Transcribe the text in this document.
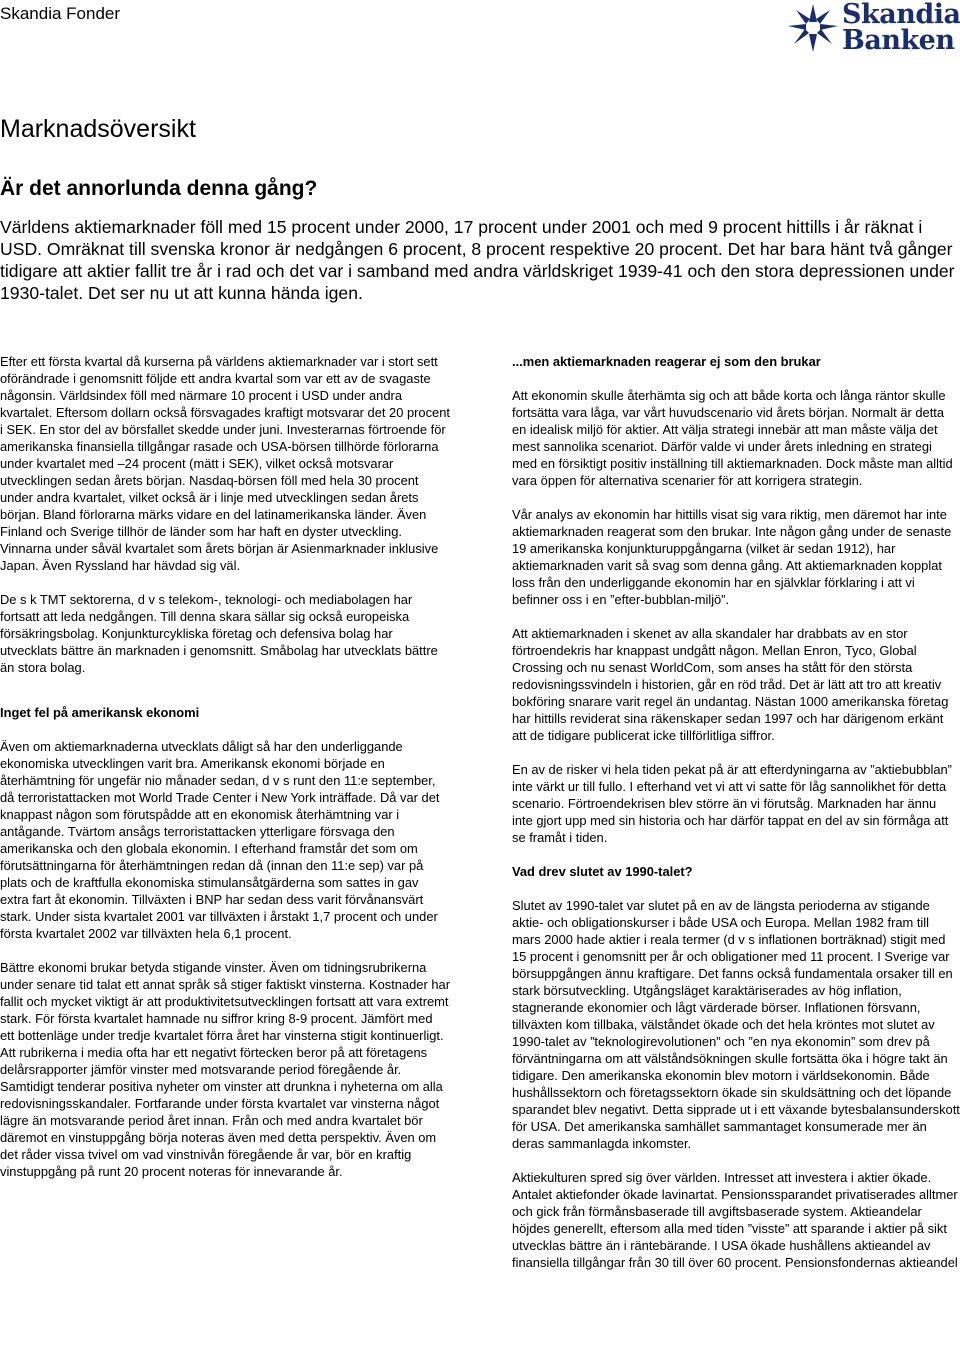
Skandia Fonder	Skandia
Banken
Marknadsöversikt
Är det annorlunda denna gång?
Världens aktiemarknader föll med 15 procent under 2000, 17 procent under 2001 och med 9 procent hittills i år räknat i USD. Omräknat till svenska kronor är nedgången 6 procent, 8 procent respektive 20 procent. Det har bara hänt två gånger tidigare att aktier fallit tre år i rad och det var i samband med andra världskriget 1939-41 och den stora depressionen under 1930-talet. Det ser nu ut att kunna hända igen.

Efter ett första kvartal då kurserna på världens aktiemarknader var i stort sett oförändrade i genomsnitt följde ett andra kvartal som var ett av de svagaste någonsin. Världsindex föll med närmare 10 procent i USD under andra kvartalet. Eftersom dollarn också försvagades kraftigt motsvarar det 20 procent i SEK. En stor del av börsfallet skedde under juni. Investerarnas förtroende för amerikanska finansiella tillgångar rasade och USA-börsen tillhörde förlorarna under kvartalet med –24 procent (mätt i SEK), vilket också motsvarar utvecklingen sedan årets början. Nasdaq-börsen föll med hela 30 procent under andra kvartalet, vilket också är i linje med utvecklingen sedan årets början. Bland förlorarna märks vidare en del latinamerikanska länder. Även Finland och Sverige tillhör de länder som har haft en dyster utveckling. Vinnarna under såväl kvartalet som årets början är Asienmarknader inklusive Japan. Även Ryssland har hävdad sig väl.

De s k TMT sektorerna, d v s telekom-, teknologi- och mediabolagen har fortsatt att leda nedgången. Till denna skara sällar sig också europeiska försäkringsbolag. Konjunkturcykliska företag och defensiva bolag har utvecklats bättre än marknaden i genomsnitt. Småbolag har utvecklats bättre än stora bolag.

Inget fel på amerikansk ekonomi

Även om aktiemarknaderna utvecklats dåligt så har den underliggande ekonomiska utvecklingen varit bra. Amerikansk ekonomi började en återhämtning för ungefär nio månader sedan, d v s runt den 11:e september, då terroristattacken mot World Trade Center i New York inträffade. Då var det knappast någon som förutspådde att en ekonomisk återhämtning var i antågande. Tvärtom ansågs terroristattacken ytterligare försvaga den amerikanska och den globala ekonomin. I efterhand framstår det som om förutsättningarna för återhämtningen redan då (innan den 11:e sep) var på plats och de kraftfulla ekonomiska stimulansåtgärderna som sattes in gav extra fart åt ekonomin. Tillväxten i BNP har sedan dess varit förvånansvärt stark. Under sista kvartalet 2001 var tillväxten i årstakt 1,7 procent och under första kvartalet 2002 var tillväxten hela 6,1 procent.

Bättre ekonomi brukar betyda stigande vinster. Även om tidningsrubrikerna under senare tid talat ett annat språk så stiger faktiskt vinsterna. Kostnader har fallit och mycket viktigt är att produktivitetsutvecklingen fortsatt att vara extremt stark. För första kvartalet hamnade nu siffror kring 8-9 procent. Jämfört med ett bottenläge under tredje kvartalet förra året har vinsterna stigit kontinuerligt. Att rubrikerna i media ofta har ett negativt förtecken beror på att företagens delårsrapporter jämför vinster med motsvarande period föregående år. Samtidigt tenderar positiva nyheter om vinster att drunkna i nyheterna om alla redovisningsskandaler. Fortfarande under första kvartalet var vinsterna något lägre än motsvarande period året innan. Från och med andra kvartalet bör däremot en vinstuppgång börja noteras även med detta perspektiv. Även om det råder vissa tvivel om vad vinstnivån föregående år var, bör en kraftig vinstuppgång på runt 20 procent noteras för innevarande år.

...men aktiemarknaden reagerar ej som den brukar

Att ekonomin skulle återhämta sig och att både korta och långa räntor skulle fortsätta vara låga, var vårt huvudscenario vid årets början. Normalt är detta en idealisk miljö för aktier. Att välja strategi innebär att man måste välja det mest sannolika scenariot. Därför valde vi under årets inledning en strategi med en försiktigt positiv inställning till aktiemarknaden. Dock måste man alltid vara öppen för alternativa scenarier för att korrigera strategin.

Vår analys av ekonomin har hittills visat sig vara riktig, men däremot har inte aktiemarknaden reagerat som den brukar. Inte någon gång under de senaste 19 amerikanska konjunkturuppgångarna (vilket är sedan 1912), har aktiemarknaden varit så svag som denna gång. Att aktiemarknaden kopplat loss från den underliggande ekonomin har en självklar förklaring i att vi befinner oss i en ”efter-bubblan-miljö”.

Att aktiemarknaden i skenet av alla skandaler har drabbats av en stor förtroendekris har knappast undgått någon. Mellan Enron, Tyco, Global Crossing och nu senast WorldCom, som anses ha stått för den största redovisningssvindeln i historien, går en röd tråd. Det är lätt att tro att kreativ bokföring snarare varit regel än undantag. Nästan 1000 amerikanska företag har hittills reviderat sina räkenskaper sedan 1997 och har därigenom erkänt att de tidigare publicerat icke tillförlitliga siffror.

En av de risker vi hela tiden pekat på är att efterdyningarna av ”aktiebubblan” inte värkt ur till fullo. I efterhand vet vi att vi satte för låg sannolikhet för detta scenario. Förtroendekrisen blev större än vi förutsåg. Marknaden har ännu inte gjort upp med sin historia och har därför tappat en del av sin förmåga att se framåt i tiden.

Vad drev slutet av 1990-talet?

Slutet av 1990-talet var slutet på en av de längsta perioderna av stigande aktie- och obligationskurser i både USA och Europa. Mellan 1982 fram till mars 2000 hade aktier i reala termer (d v s inflationen borträknad) stigit med 15 procent i genomsnitt per år och obligationer med 11 procent. I Sverige var börsuppgången ännu kraftigare. Det fanns också fundamentala orsaker till en stark börsutveckling. Utgångsläget karaktäriserades av hög inflation, stagnerande ekonomier och lågt värderade börser. Inflationen försvann, tillväxten kom tillbaka, välståndet ökade och det hela kröntes mot slutet av 1990-talet av ”teknologirevolutionen” och ”en nya ekonomin” som drev på förväntningarna om att välståndsökningen skulle fortsätta öka i högre takt än tidigare. Den amerikanska ekonomin blev motorn i världsekonomin. Både hushållssektorn och företagssektorn ökade sin skuldsättning och det löpande sparandet blev negativt. Detta sipprade ut i ett växande bytesbalansunderskott för USA. Det amerikanska samhället sammantaget konsumerade mer än deras sammanlagda inkomster.

Aktiekulturen spred sig över världen. Intresset att investera i aktier ökade. Antalet aktiefonder ökade lavinartat. Pensionssparandet privatiserades alltmer och gick från förmånsbaserade till avgiftsbaserade system. Aktieandelar höjdes generellt, eftersom alla med tiden ”visste” att sparande i aktier på sikt utvecklas bättre än i räntebärande. I USA ökade hushållens aktieandel av finansiella tillgångar från 30 till över 60 procent. Pensionsfondernas aktieandel
